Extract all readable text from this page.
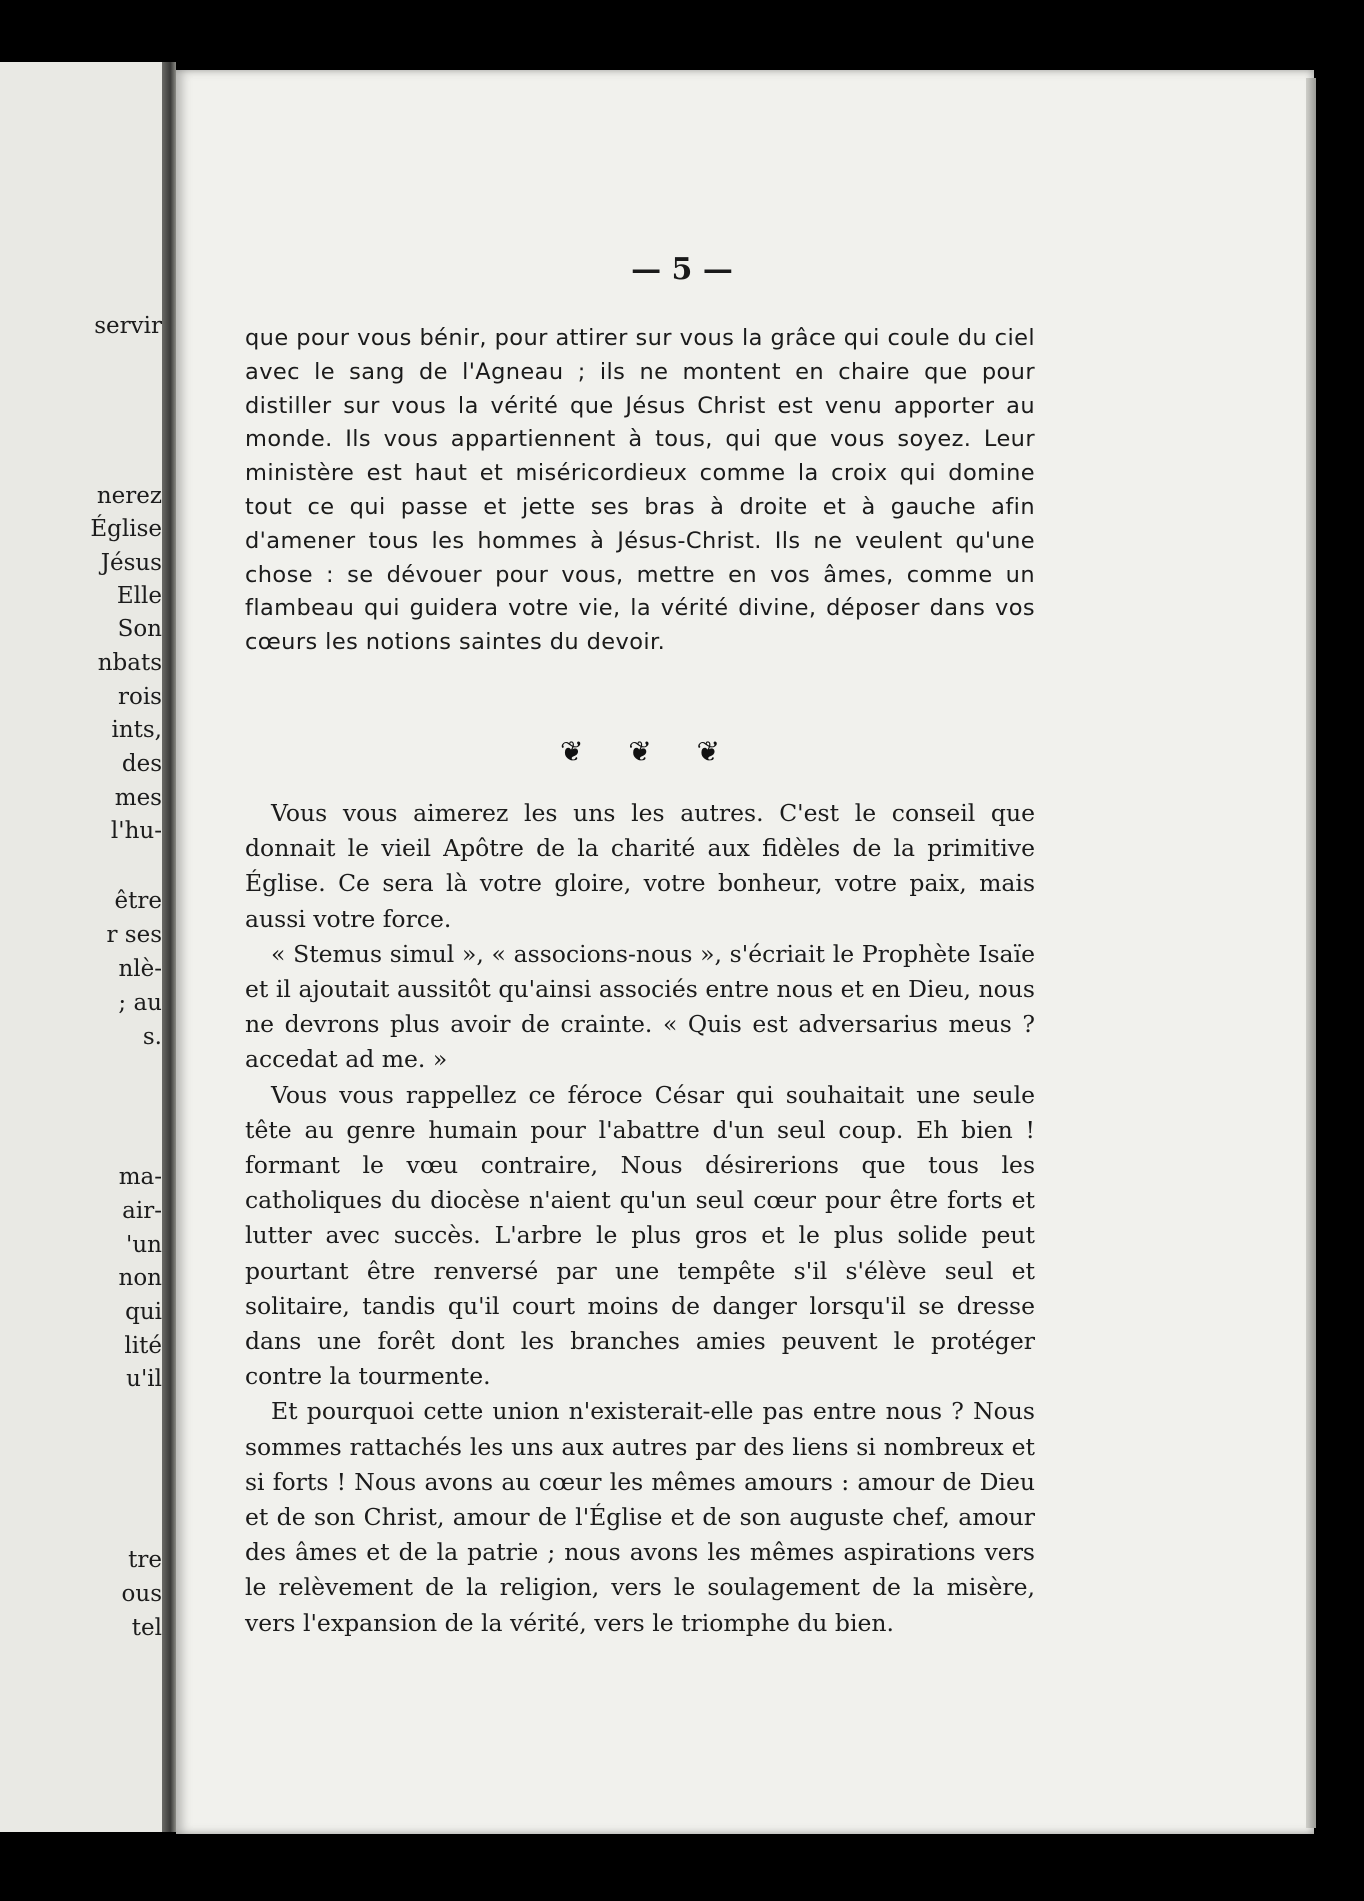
servir
nerez
Église
Jésus
Elle
Son
nbats
rois
ints,
des
mes
l'hu-
être
r ses
nlè-
; au
s.
ma-
air-
'un
non
qui
lité
u'il
tre
ous
tel
— 5 —

que pour vous bénir, pour attirer sur vous la grâce qui coule du ciel avec le sang de l'Agneau ; ils ne montent en chaire que pour distiller sur vous la vérité que Jésus Christ est venu apporter au monde. Ils vous appartiennent à tous, qui que vous soyez. Leur ministère est haut et miséricordieux comme la croix qui domine tout ce qui passe et jette ses bras à droite et à gauche afin d'amener tous les hommes à Jésus-Christ. Ils ne veulent qu'une chose : se dévouer pour vous, mettre en vos âmes, comme un flambeau qui guidera votre vie, la vérité divine, déposer dans vos cœurs les notions saintes du devoir.

❦ ❦ ❦

Vous vous aimerez les uns les autres. C'est le conseil que donnait le vieil Apôtre de la charité aux fidèles de la primitive Église. Ce sera là votre gloire, votre bonheur, votre paix, mais aussi votre force.

« Stemus simul », « associons-nous », s'écriait le Prophète Isaïe et il ajoutait aussitôt qu'ainsi associés entre nous et en Dieu, nous ne devrons plus avoir de crainte. « Quis est adversarius meus ? accedat ad me. »

Vous vous rappellez ce féroce César qui souhaitait une seule tête au genre humain pour l'abattre d'un seul coup. Eh bien ! formant le vœu contraire, Nous désirerions que tous les catholiques du diocèse n'aient qu'un seul cœur pour être forts et lutter avec succès. L'arbre le plus gros et le plus solide peut pourtant être renversé par une tempête s'il s'élève seul et solitaire, tandis qu'il court moins de danger lorsqu'il se dresse dans une forêt dont les branches amies peuvent le protéger contre la tourmente.

Et pourquoi cette union n'existerait-elle pas entre nous ? Nous sommes rattachés les uns aux autres par des liens si nombreux et si forts ! Nous avons au cœur les mêmes amours : amour de Dieu et de son Christ, amour de l'Église et de son auguste chef, amour des âmes et de la patrie ; nous avons les mêmes aspirations vers le relèvement de la religion, vers le soulagement de la misère, vers l'expansion de la vérité, vers le triomphe du bien.
